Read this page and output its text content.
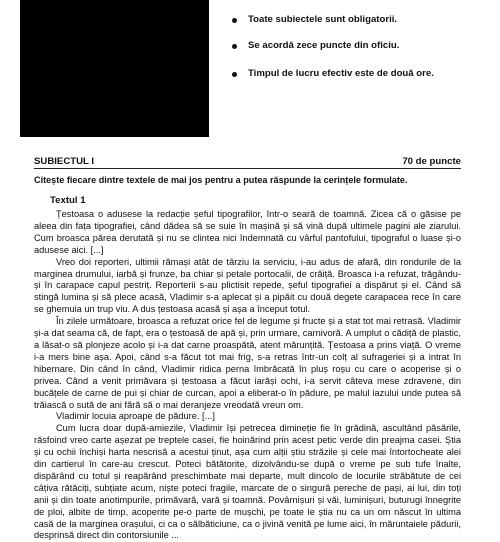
Toate subiectele sunt obligatorii.
Se acordă zece puncte din oficiu.
Timpul de lucru efectiv este de două ore.
SUBIECTUL I	70 de puncte
Citește fiecare dintre textele de mai jos pentru a putea răspunde la cerințele formulate.
Textul 1

Țestoasa o adusese la redacție șeful tipografilor, într-o seară de toamnă. Zicea că o găsise pe aleea din fața tipografiei, când dădea să se suie în mașină și să vină după ultimele pagini ale ziarului. Cum broasca părea derutată și nu se clintea nici îndemnată cu vârful pantofului, tipograful o luase și-o adusese aici. [...]

Vreo doi reporteri, ultimii rămași atât de târziu la serviciu, i-au adus de afară, din rondurile de la marginea drumului, iarbă și frunze, ba chiar și petale portocalii, de crăiță. Broasca i-a refuzat, trăgându-și în carapace capul pestriț. Reporterii s-au plictisit repede, șeful tipografiei a dispărut și el. Când să stingă lumina și să plece acasă, Vladimir s-a aplecat și a pipăit cu două degete carapacea rece în care se ghemuia un trup viu. A dus țestoasa acasă și așa a început totul.

În zilele următoare, broasca a refuzat orice fel de legume și fructe și a stat tot mai retrasă. Vladimir și-a dat seama că, de fapt, era o țestoasă de apă și, prin urmare, carnivoră. A umplut o cădiță de plastic, a lăsat-o să plonjeze acolo și i-a dat carne proaspătă, atent mărunțită. Țestoasa a prins viață. O vreme i-a mers bine așa. Apoi, când s-a făcut tot mai frig, s-a retras într-un colț al sufrageriei și a intrat în hibernare. Din când în când, Vladimir ridica perna îmbrăcată în pluș roșu cu care o acoperise și o privea. Când a venit primăvara și țestoasa a făcut iarăși ochi, i-a servit câteva mese zdravene, din bucățele de carne de pui și chiar de curcan, apoi a eliberat-o în pădure, pe malul iazului unde putea să trăiască o sută de ani fără să o mai deranjeze vreodată vreun om.

Vladimir locuia aproape de pădure. [...]

Cum lucra doar după-amiezile, Vladimir își petrecea dimineție fie în grădină, ascultând păsările, răsfoind vreo carte așezat pe treptele casei, fie hoinărind prin acest petic verde din preajma casei. Știa și cu ochii închiși harta nescrisă a acestui ținut, așa cum alții știu străzile și cele mai întortocheate alei din cartierul în care-au crescut. Poteci bătătorite, dizolvându-se după o vreme pe sub tufe înalte, dispărând cu totul și reapărând preschimbate mai departe, mult dincolo de locurile străbătute de cei câțiva rătăciți, subțiate acum, niște poteci fragile, marcate de o singură pereche de pași, ai lui, din toți anii și din toate anotimpurile, primăvară, vară și toamnă. Povârnișuri și văi, luminișuri, buturugi înnegrite de ploi, albite de timp, acoperite pe-o parte de mușchi, pe toate le știa nu ca un om născut în ultima casă de la marginea orașului, ci ca o sălbăticiune, ca o jivină venită pe lume aici, în măruntaiele pădurii, desprinsă direct din contorsiunile ...
